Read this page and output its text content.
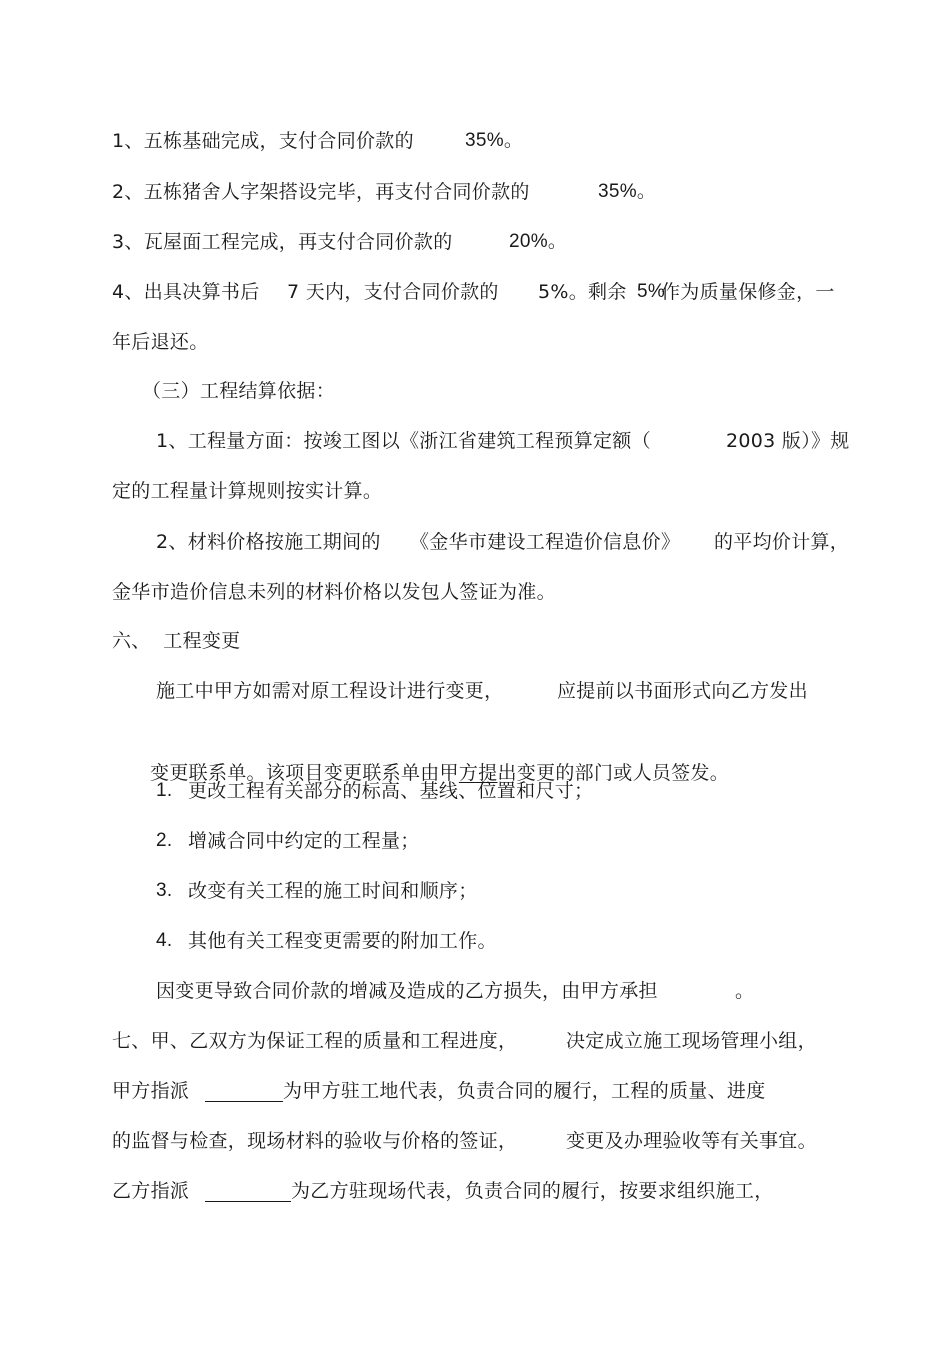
1、五栋基础完成，支付合同价款的

	35%。

2、五栋猪舍人字架搭设完毕，再支付合同价款的

	35%。

3、瓦屋面工程完成，再支付合同价款的

	20%。

4、出具决算书后

7 天内，支付合同价款的

5%。剩余

5%

作为质量保修金，一

年后退还。

（三）工程结算依据：

1、工程量方面：按竣工图以《浙江省建筑工程预算定额（

	2003 版）》规

定的工程量计算规则按实计算。

2、材料价格按施工期间的

《金华市建设工程造价信息价》

的平均价计算，

金华市造价信息未列的材料价格以发包人签证为准。

六、  工程变更

施工中甲方如需对原工程设计进行变更，

	应提前以书面形式向乙方发出

变更联系单。该项目变更联系单由甲方提出变更的部门或人员签发。

1.

更改工程有关部分的标高、基线、位置和尺寸；

2.

增减合同中约定的工程量；

3.

改变有关工程的施工时间和顺序；

4.

其他有关工程变更需要的附加工作。

因变更导致合同价款的增减及造成的乙方损失，由甲方承担

	。

七、甲、乙双方为保证工程的质量和工程进度，

	决定成立施工现场管理小组，

甲方指派

	为甲方驻工地代表，负责合同的履行，工程的质量、进度

的监督与检查，现场材料的验收与价格的签证，

	变更及办理验收等有关事宜。

乙方指派

	为乙方驻现场代表，负责合同的履行，按要求组织施工，
